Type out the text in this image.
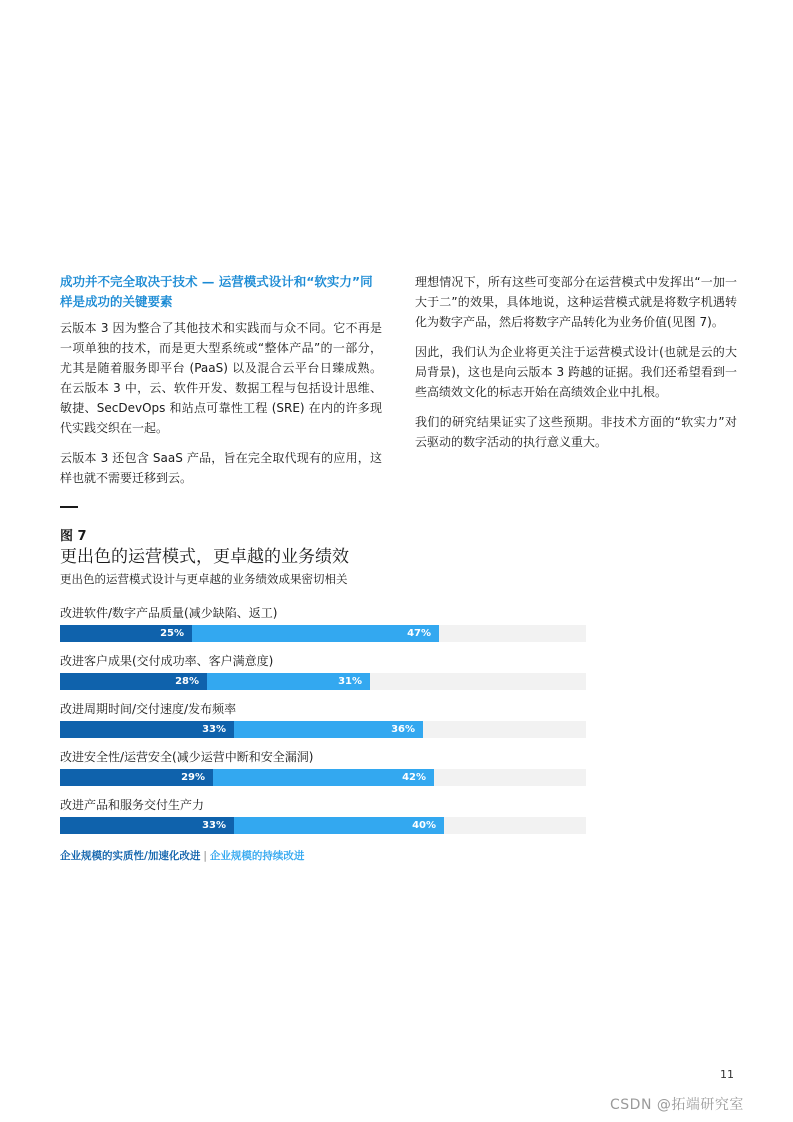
成功并不完全取决于技术 — 运营模式设计和“软实力”同样是成功的关键要素

云版本 3 因为整合了其他技术和实践而与众不同。它不再是一项单独的技术，而是更大型系统或“整体产品”的一部分，尤其是随着服务即平台 (PaaS) 以及混合云平台日臻成熟。在云版本 3 中，云、软件开发、数据工程与包括设计思维、敏捷、SecDevOps 和站点可靠性工程 (SRE) 在内的许多现代实践交织在一起。

云版本 3 还包含 SaaS 产品，旨在完全取代现有的应用，这样也就不需要迁移到云。

理想情况下，所有这些可变部分在运营模式中发挥出“一加一大于二”的效果，具体地说，这种运营模式就是将数字机遇转化为数字产品，然后将数字产品转化为业务价值(见图 7)。

因此，我们认为企业将更关注于运营模式设计(也就是云的大局背景)，这也是向云版本 3 跨越的证据。我们还希望看到一些高绩效文化的标志开始在高绩效企业中扎根。

我们的研究结果证实了这些预期。非技术方面的“软实力”对云驱动的数字活动的执行意义重大。

图 7
更出色的运营模式，更卓越的业务绩效
更出色的运营模式设计与更卓越的业务绩效成果密切相关
改进软件/数字产品质量(减少缺陷、返工)
25%	47%
改进客户成果(交付成功率、客户满意度)
28%	31%
改进周期时间/交付速度/发布频率
33%	36%
改进安全性/运营安全(减少运营中断和安全漏洞)
29%	42%
改进产品和服务交付生产力
33%	40%
企业规模的实质性/加速化改进 | 企业规模的持续改进
11
CSDN @拓端研究室
